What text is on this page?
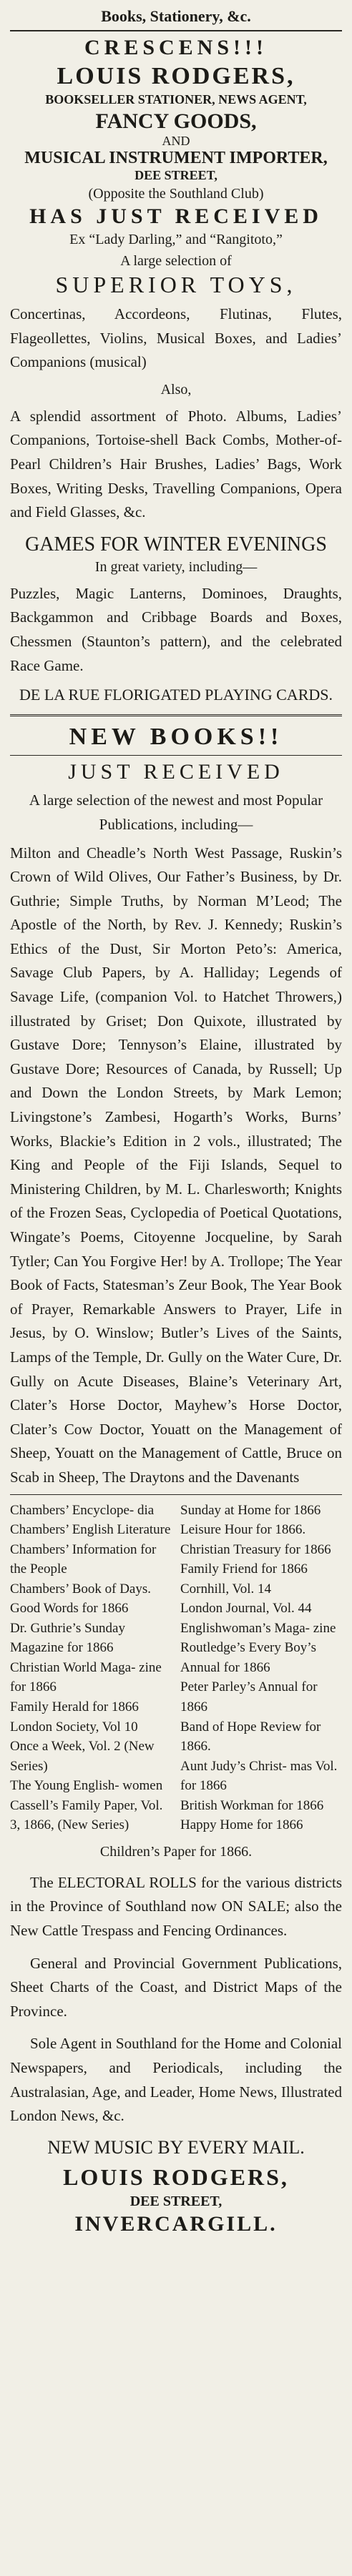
Books, Stationery, &c.
CRESCENS!!!
LOUIS RODGERS,
BOOKSELLER STATIONER, NEWS AGENT,
FANCY GOODS,
AND
MUSICAL INSTRUMENT IMPORTER,
DEE STREET,
(Opposite the Southland Club)
HAS JUST RECEIVED
Ex “Lady Darling,” and “Rangitoto,”
A large selection of
SUPERIOR TOYS,
Concertinas, Accordeons, Flutinas, Flutes, Flageollettes, Violins, Musical Boxes, and Ladies’ Companions (musical)
Also,
A splendid assortment of Photo. Albums, Ladies’ Companions, Tortoise-shell Back Combs, Mother-of-Pearl Children’s Hair Brushes, Ladies’ Bags, Work Boxes, Writing Desks, Travelling Companions, Opera and Field Glasses, &c.
GAMES FOR WINTER EVENINGS
In great variety, including—
Puzzles, Magic Lanterns, Dominoes, Draughts, Backgammon and Cribbage Boards and Boxes, Chessmen (Staunton’s pattern), and the celebrated Race Game.
DE LA RUE FLORIGATED PLAYING CARDS.
NEW BOOKS!!
JUST RECEIVED
A large selection of the newest and most Popular Publications, including—
Milton and Cheadle’s North West Passage, Ruskin’s Crown of Wild Olives, Our Father’s Business, by Dr. Guthrie; Simple Truths, by Norman M’Leod; The Apostle of the North, by Rev. J. Kennedy; Ruskin’s Ethics of the Dust, Sir Morton Peto’s: America, Savage Club Papers, by A. Halliday; Legends of Savage Life, (companion Vol. to Hatchet Throwers,) illustrated by Griset; Don Quixote, illustrated by Gustave Dore; Tennyson’s Elaine, illustrated by Gustave Dore; Resources of Canada, by Russell; Up and Down the London Streets, by Mark Lemon; Livingstone’s Zambesi, Hogarth’s Works, Burns’ Works, Blackie’s Edition in 2 vols., illustrated; The King and People of the Fiji Islands, Sequel to Ministering Children, by M. L. Charlesworth; Knights of the Frozen Seas, Cyclopedia of Poetical Quotations, Wingate’s Poems, Citoyenne Jocqueline, by Sarah Tytler; Can You Forgive Her! by A. Trollope; The Year Book of Facts, Statesman’s Zeur Book, The Year Book of Prayer, Remarkable Answers to Prayer, Life in Jesus, by O. Winslow; Butler’s Lives of the Saints, Lamps of the Temple, Dr. Gully on the Water Cure, Dr. Gully on Acute Diseases, Blaine’s Veterinary Art, Clater’s Horse Doctor, Mayhew’s Horse Doctor, Clater’s Cow Doctor, Youatt on the Management of Sheep, Youatt on the Management of Cattle, Bruce on Scab in Sheep, The Draytons and the Davenants
Chambers’ Encyclope- dia
Chambers’ English Literature
Chambers’ Information for the People
Chambers’ Book of Days.
Good Words for 1866
Dr. Guthrie’s Sunday Magazine for 1866
Christian World Maga- zine for 1866
Family Herald for 1866
London Society, Vol 10
Once a Week, Vol. 2 (New Series)
The Young English- women
Cassell’s Family Paper, Vol. 3, 1866, (New Series)
Sunday at Home for 1866
Leisure Hour for 1866.
Christian Treasury for 1866
Family Friend for 1866
Cornhill, Vol. 14
London Journal, Vol. 44
Englishwoman’s Maga- zine
Routledge’s Every Boy’s Annual for 1866
Peter Parley’s Annual for 1866
Band of Hope Review for 1866.
Aunt Judy’s Christ- mas Vol. for 1866
British Workman for 1866
Happy Home for 1866
Children’s Paper for 1866.
The ELECTORAL ROLLS for the various districts in the Province of Southland now ON SALE; also the New Cattle Trespass and Fencing Ordinances.
General and Provincial Government Publications, Sheet Charts of the Coast, and District Maps of the Province.
Sole Agent in Southland for the Home and Colonial Newspapers, and Periodicals, including the Australasian, Age, and Leader, Home News, Illustrated London News, &c.
NEW MUSIC BY EVERY MAIL.
LOUIS RODGERS,
DEE STREET,
INVERCARGILL.
